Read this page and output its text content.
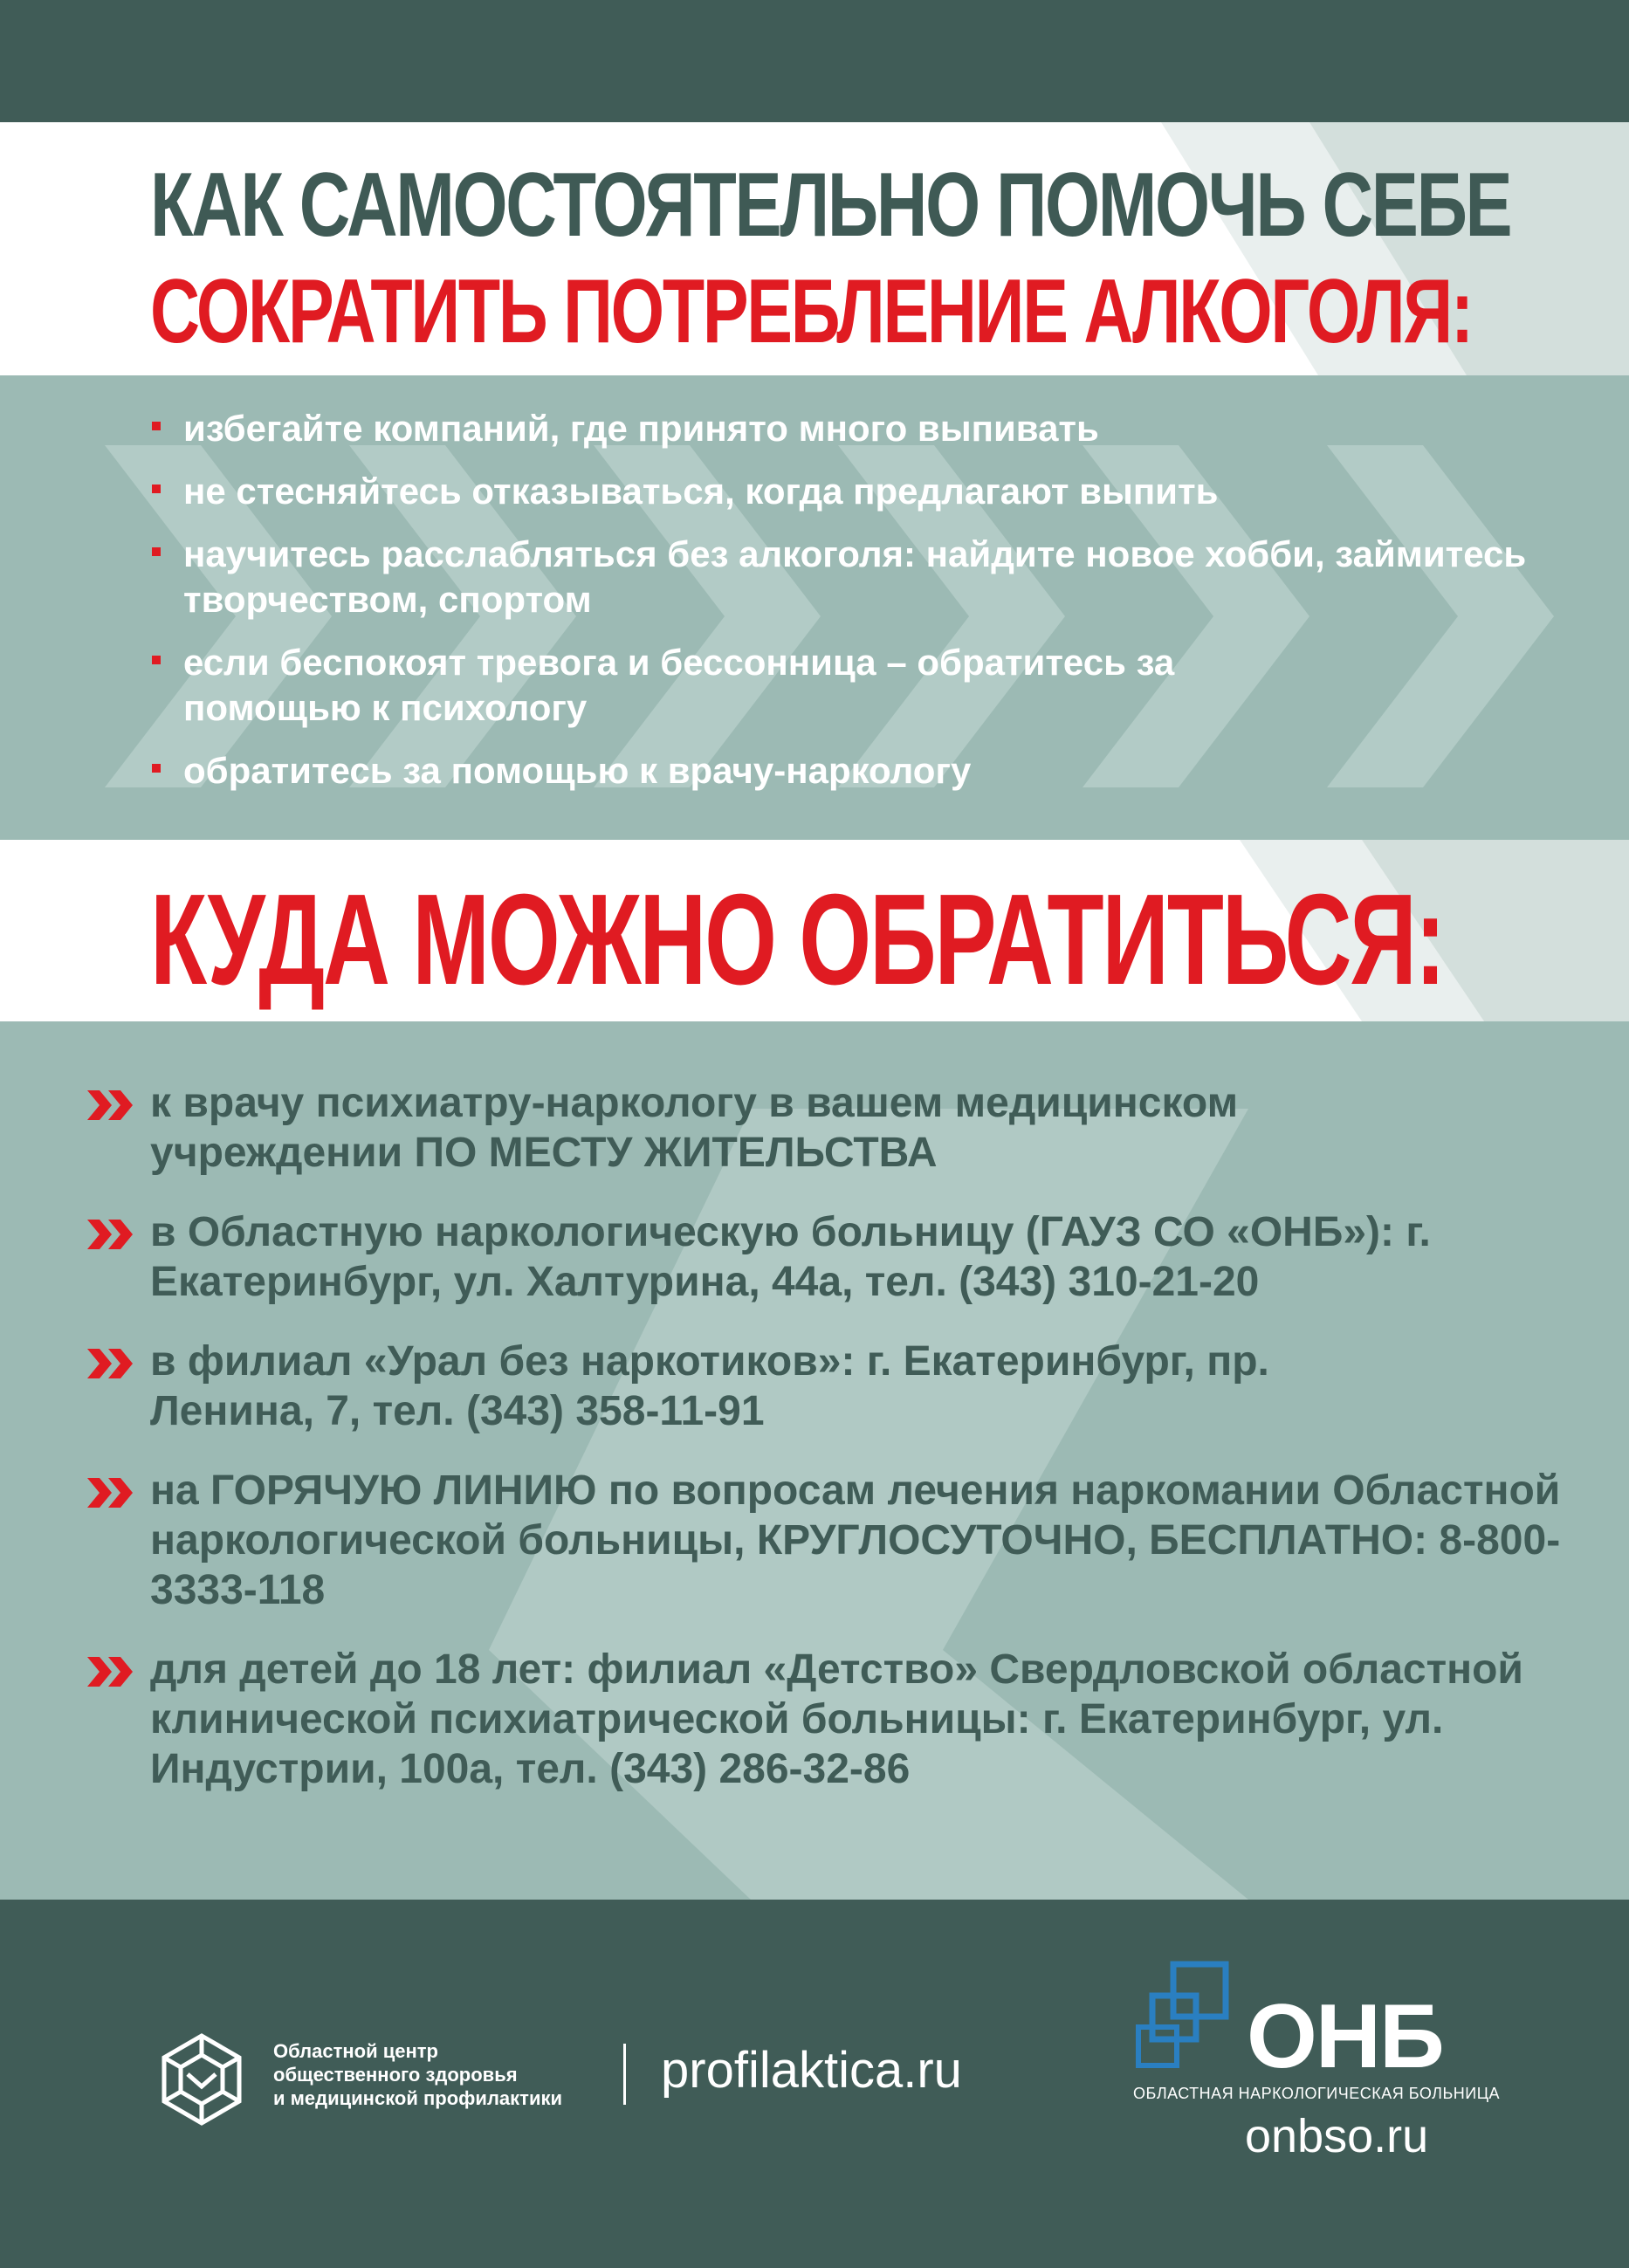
КАК САМОСТОЯТЕЛЬНО ПОМОЧЬ СЕБЕ
СОКРАТИТЬ ПОТРЕБЛЕНИЕ АЛКОГОЛЯ:
избегайте компаний, где принято много выпивать
не стесняйтесь отказываться, когда предлагают выпить
научитесь расслабляться без алкоголя: найдите новое хобби, займитесь творчеством, спортом
если беспокоят тревога и бессонница – обратитесь за помощью к психологу
обратитесь за помощью к врачу-наркологу
КУДА МОЖНО ОБРАТИТЬСЯ:
к врачу психиатру-наркологу в вашем медицинском учреждении ПО МЕСТУ ЖИТЕЛЬСТВА
в Областную наркологическую больницу (ГАУЗ СО «ОНБ»): г. Екатеринбург, ул. Халтурина, 44а, тел. (343) 310-21-20
в филиал «Урал без наркотиков»: г. Екатеринбург, пр. Ленина, 7, тел. (343) 358-11-91
на ГОРЯЧУЮ ЛИНИЮ по вопросам лечения наркомании Областной наркологической больницы, КРУГЛОСУТОЧНО, БЕСПЛАТНО: 8-800-3333-118
для детей до 18 лет: филиал «Детство» Свердловской областной клинической психиатрической больницы: г. Екатеринбург, ул. Индустрии, 100а, тел. (343) 286-32-86
Областной центр
общественного здоровья
и медицинской профилактики	profilaktica.ru	ОНБ
ОБЛАСТНАЯ НАРКОЛОГИЧЕСКАЯ БОЛЬНИЦА
onbso.ru
